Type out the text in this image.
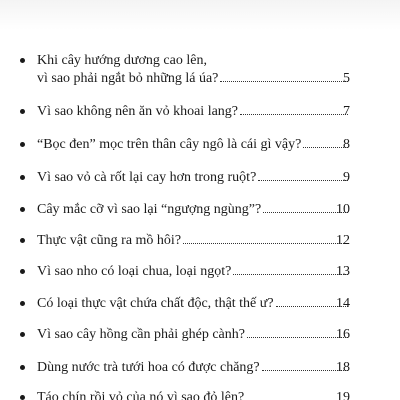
Khi cây hướng dương cao lên,
vì sao phải ngắt bỏ những lá úa?	5
Vì sao không nên ăn vỏ khoai lang?	7
“Bọc đen” mọc trên thân cây ngô là cái gì vậy?	8
Vì sao vỏ cà rốt lại cay hơn trong ruột?	9
Cây mắc cỡ vì sao lại “ngượng ngùng”?	10
Thực vật cũng ra mồ hôi?	12
Vì sao nho có loại chua, loại ngọt?	13
Có loại thực vật chứa chất độc, thật thế ư?	14
Vì sao cây hồng cần phải ghép cành?	16
Dùng nước trà tưới hoa có được chăng?	18
Táo chín rồi vỏ của nó vì sao đỏ lên?	19
